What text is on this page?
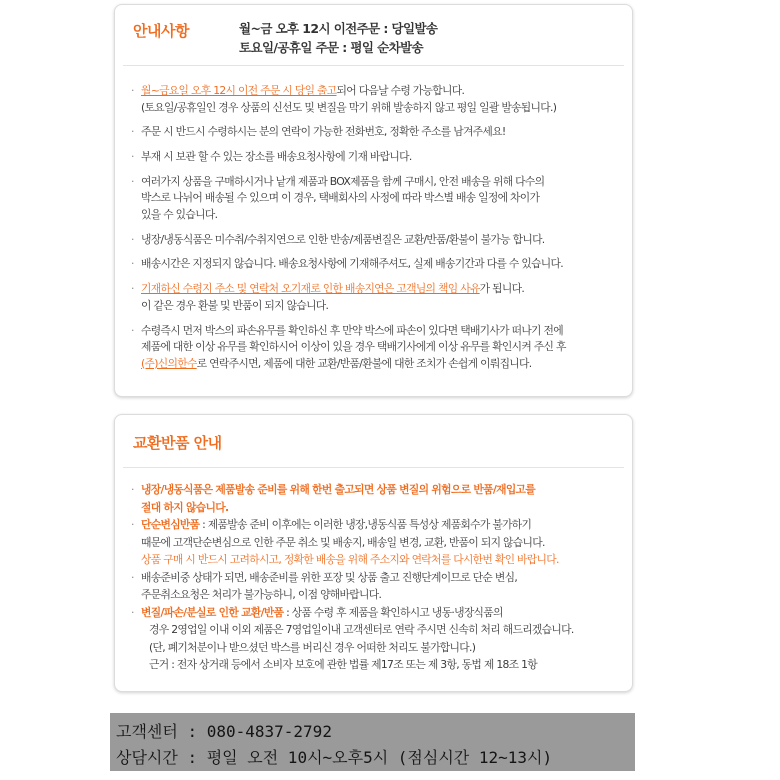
안내사항	월~금 오후 12시 이전주문 : 당일발송
토요일/공휴일 주문 : 평일 순차발송
· 월~금요일 오후 12시 이전 주문 시 당일 출고되어 다음날 수령 가능합니다.
(토요일/공휴일인 경우 상품의 신선도 및 변질을 막기 위해 발송하지 않고 평일 일괄 발송됩니다.)
· 주문 시 반드시 수령하시는 분의 연락이 가능한 전화번호, 정확한 주소를 남겨주세요!
· 부재 시 보관 할 수 있는 장소를 배송요청사항에 기재 바랍니다.
· 여러가지 상품을 구매하시거나 낱개 제품과 BOX제품을 함께 구매시, 안전 배송을 위해 다수의
박스로 나뉘어 배송될 수 있으며 이 경우, 택배회사의 사정에 따라 박스별 배송 일정에 차이가
있을 수 있습니다.
· 냉장/냉동식품은 미수취/수취지연으로 인한 반송/제품변질은 교환/반품/환불이 불가능 합니다.
· 배송시간은 지정되지 않습니다. 배송요청사항에 기재해주셔도, 실제 배송기간과 다를 수 있습니다.
· 기재하신 수령지 주소 및 연락처 오기재로 인한 배송지연은 고객님의 책임 사유가 됩니다.
이 같은 경우 환불 및 반품이 되지 않습니다.
· 수령즉시 먼저 박스의 파손유무를 확인하신 후 만약 박스에 파손이 있다면 택배기사가 떠나기 전에
제품에 대한 이상 유무를 확인하시어 이상이 있을 경우 택배기사에게 이상 유무를 확인시켜 주신 후
(주)신의한수로 연락주시면, 제품에 대한 교환/반품/환불에 대한 조치가 손쉽게 이뤄집니다.
교환반품 안내
· 냉장/냉동식품은 제품발송 준비를 위해 한번 출고되면 상품 변질의 위험으로 반품/재입고를
절대 하지 않습니다.
· 단순변심반품 : 제품발송 준비 이후에는 이러한 냉장,냉동식품 특성상 제품회수가 불가하기
때문에 고객단순변심으로 인한 주문 취소 및 배송지, 배송일 변경, 교환, 반품이 되지 않습니다.
상품 구매 시 반드시 고려하시고, 정확한 배송을 위해 주소지와 연락처를 다시한번 확인 바랍니다.
· 배송준비중 상태가 되면, 배송준비를 위한 포장 및 상품 출고 진행단계이므로 단순 변심,
주문취소요청은 처리가 불가능하니, 이점 양해바랍니다.
· 변질/파손/분실로 인한 교환/반품 : 상품 수령 후 제품을 확인하시고 냉동·냉장식품의
경우 2영업일 이내 이외 제품은 7영업일이내 고객센터로 연락 주시면 신속히 처리 해드리겠습니다.
(단, 폐기처분이나 받으셨던 박스를 버리신 경우 어떠한 처리도 불가합니다.)
근거 : 전자 상거래 등에서 소비자 보호에 관한 법률 제17조 또는 제 3항, 동법 제 18조 1항
고객센터 : 080-4837-2792
상담시간 : 평일 오전 10시~오후5시 (점심시간 12~13시)
